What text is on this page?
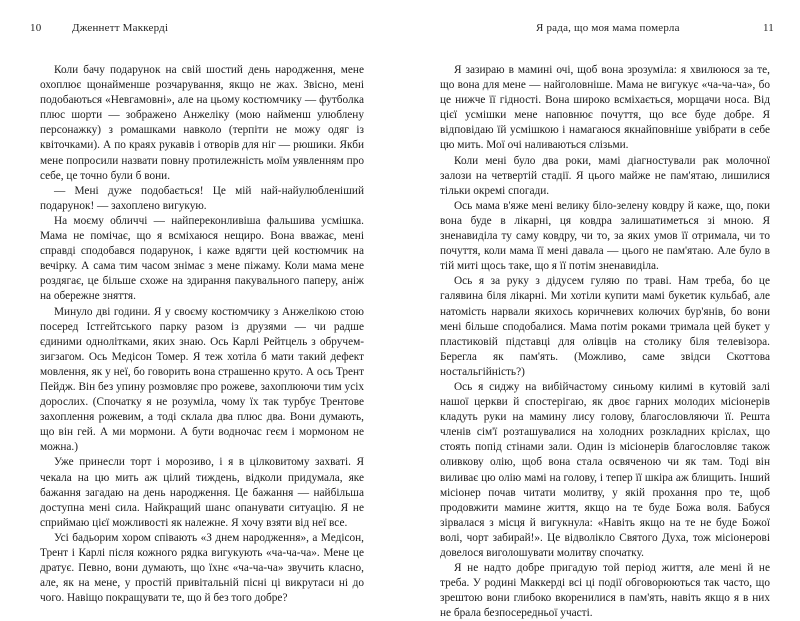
10	Дженнетт Маккерді

Коли бачу подарунок на свій шостий день народження, мене охоплює щонайменше розчарування, якщо не жах. Звісно, мені подобаються «Невгамовні», але на цьому костюмчику — футболка плюс шорти — зображено Анжеліку (мою найменш улюблену персонажку) з ромашками навколо (терпіти не можу одяг із квіточками). А по краях рукавів і отворів для ніг — рюшики. Якби мене попросили назвати повну протилежність моїм уявленням про себе, це точно були б вони.

— Мені дуже подобається! Це мій най-найулюбленіший подарунок! — захоплено вигукую.

На моєму обличчі — найпереконливіша фальшива усмішка. Мама не помічає, що я всміхаюся нещиро. Вона вважає, мені справді сподобався подарунок, і каже вдягти цей костюмчик на вечірку. А сама тим часом знімає з мене піжаму. Коли мама мене роздягає, це більше схоже на здирання пакувального паперу, аніж на обережне зняття.

Минуло дві години. Я у своєму костюмчику з Анжелікою стою посеред Істгейтського парку разом із друзями — чи радше єдиними однолітками, яких знаю. Ось Карлі Рейтцель з обручем-зигзагом. Ось Медісон Томер. Я теж хотіла б мати такий дефект мовлення, як у неї, бо говорить вона страшенно круто. А ось Трент Пейдж. Він без упину розмовляє про рожеве, захоплюючи тим усіх дорослих. (Спочатку я не розуміла, чому їх так турбує Трентове захоплення рожевим, а тоді склала два плюс два. Вони думають, що він гей. А ми мормони. А бути водночас геєм і мормоном не можна.)

Уже принесли торт і морозиво, і я в цілковитому захваті. Я чекала на цю мить аж цілий тиждень, відколи придумала, яке бажання загадаю на день народження. Це бажання — найбільша доступна мені сила. Найкращий шанс опанувати ситуацію. Я не сприймаю цієї можливості як належне. Я хочу взяти від неї все.

Усі бадьорим хором співають «З днем народження», а Медісон, Трент і Карлі після кожного рядка вигукують «ча-ча-ча». Мене це дратує. Певно, вони думають, що їхнє «ча-ча-ча» звучить класно, але, як на мене, у простій привітальній пісні ці викрутаси ні до чого. Навіщо покращувати те, що й без того добре?

Я рада, що моя мама померла	11

Я зазираю в мамині очі, щоб вона зрозуміла: я хвилююся за те, що вона для мене — найголовніше. Мама не вигукує «ча-ча-ча», бо це нижче її гідності. Вона широко всміхається, морщачи носа. Від цієї усмішки мене наповнює почуття, що все буде добре. Я відповідаю їй усмішкою і намагаюся якнайповніше увібрати в себе цю мить. Мої очі наливаються слізьми.

Коли мені було два роки, мамі діагностували рак молочної залози на четвертій стадії. Я цього майже не пам'ятаю, лишилися тільки окремі спогади.

Ось мама в'яже мені велику біло-зелену ковдру й каже, що, поки вона буде в лікарні, ця ковдра залишатиметься зі мною. Я зненавиділа ту саму ковдру, чи то, за яких умов її отримала, чи то почуття, коли мама її мені давала — цього не пам'ятаю. Але було в тій миті щось таке, що я її потім зненавиділа.

Ось я за руку з дідусем гуляю по траві. Нам треба, бо це галявина біля лікарні. Ми хотіли купити мамі букетик кульбаб, але натомість нарвали якихось коричневих колючих бур'янів, бо вони мені більше сподобалися. Мама потім роками тримала цей букет у пластиковій підставці для олівців на столику біля телевізора. Берегла як пам'ять. (Можливо, саме звідси Скоттова ностальгійність?)

Ось я сиджу на вибійчастому синьому килимі в кутовій залі нашої церкви й спостерігаю, як двоє гарних молодих місіонерів кладуть руки на мамину лису голову, благословляючи її. Решта членів сім'ї розташувалися на холодних розкладних кріслах, що стоять попід стінами зали. Один із місіонерів благословляє також оливкову олію, щоб вона стала освяченою чи як там. Тоді він виливає цю олію мамі на голову, і тепер її шкіра аж блищить. Інший місіонер почав читати молитву, у якій прохання про те, щоб продовжити мамине життя, якщо на те буде Божа воля. Бабуся зірвалася з місця й вигукнула: «Навіть якщо на те не буде Божої волі, чорт забирай!». Це відволікло Святого Духа, тож місіонерові довелося виголошувати молитву спочатку.

Я не надто добре пригадую той період життя, але мені й не треба. У родині Маккерді всі ці події обговорюються так часто, що зрештою вони глибоко вкоренилися в пам'ять, навіть якщо я в них не брала безпосередньої участі.
